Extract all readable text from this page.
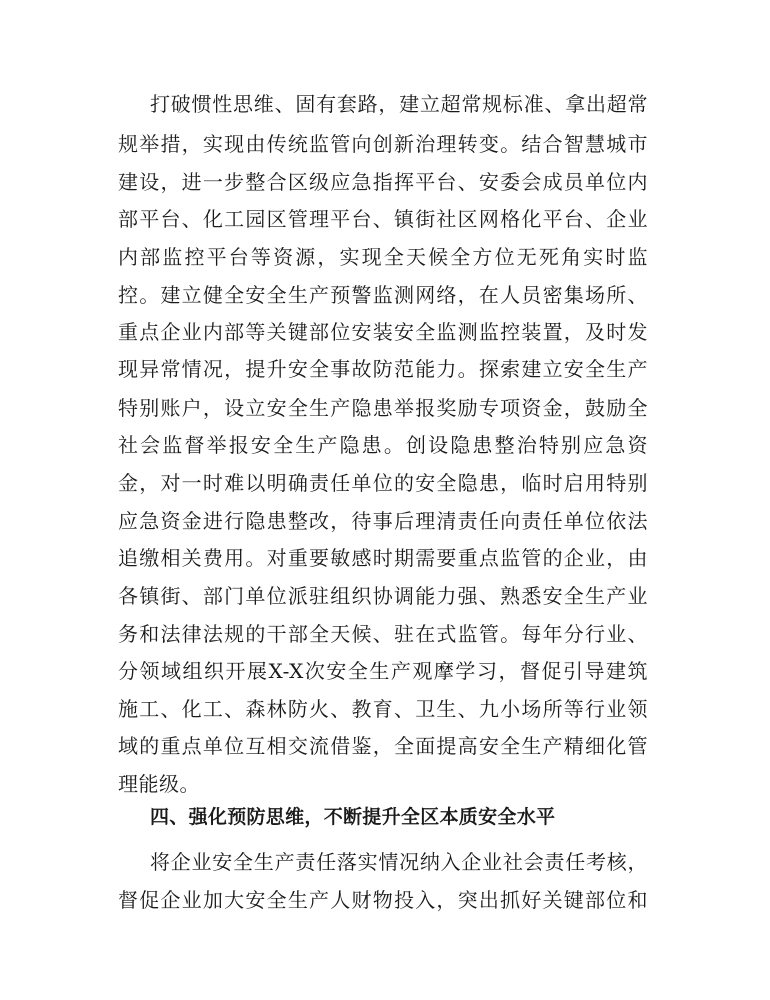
打破惯性思维、固有套路，建立超常规标准、拿出超常
规举措，实现由传统监管向创新治理转变。结合智慧城市
建设，进一步整合区级应急指挥平台、安委会成员单位内
部平台、化工园区管理平台、镇街社区网格化平台、企业
内部监控平台等资源，实现全天候全方位无死角实时监
控。建立健全安全生产预警监测网络，在人员密集场所、
重点企业内部等关键部位安装安全监测监控装置，及时发
现异常情况，提升安全事故防范能力。探索建立安全生产
特别账户，设立安全生产隐患举报奖励专项资金，鼓励全
社会监督举报安全生产隐患。创设隐患整治特别应急资
金，对一时难以明确责任单位的安全隐患，临时启用特别
应急资金进行隐患整改，待事后理清责任向责任单位依法
追缴相关费用。对重要敏感时期需要重点监管的企业，由
各镇街、部门单位派驻组织协调能力强、熟悉安全生产业
务和法律法规的干部全天候、驻在式监管。每年分行业、
分领域组织开展X-X次安全生产观摩学习，督促引导建筑
施工、化工、森林防火、教育、卫生、九小场所等行业领
域的重点单位互相交流借鉴，全面提高安全生产精细化管
理能级。
四、强化预防思维，不断提升全区本质安全水平
将企业安全生产责任落实情况纳入企业社会责任考核，
督促企业加大安全生产人财物投入，突出抓好关键部位和
